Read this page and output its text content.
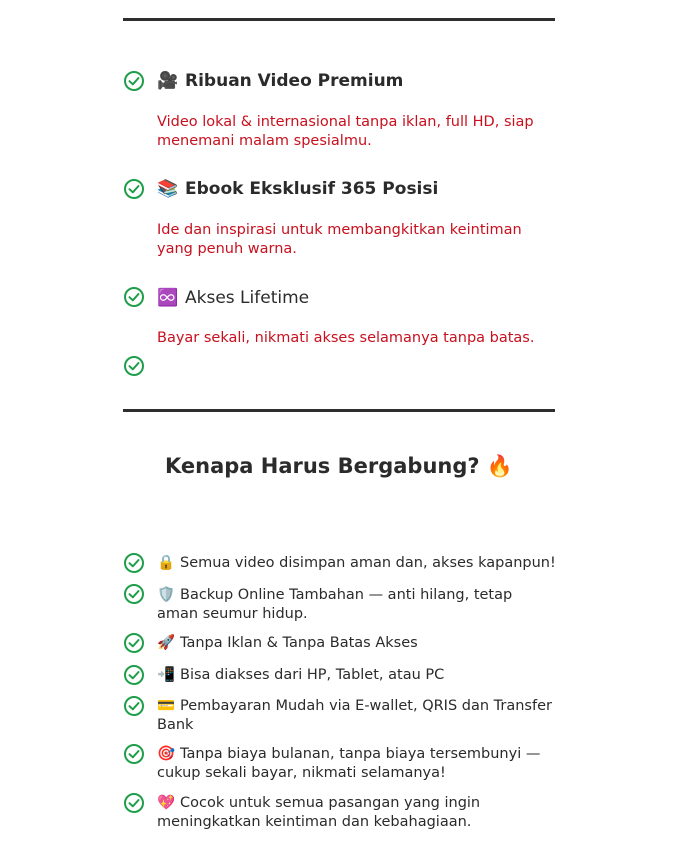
🎥 Ribuan Video Premium
Video lokal & internasional tanpa iklan, full HD, siap menemani malam spesialmu.
📚 Ebook Eksklusif 365 Posisi
Ide dan inspirasi untuk membangkitkan keintiman yang penuh warna.
♾️ Akses Lifetime
Bayar sekali, nikmati akses selamanya tanpa batas.
Kenapa Harus Bergabung? 🔥
🔒 Semua video disimpan aman dan, akses kapanpun!
🛡️ Backup Online Tambahan — anti hilang, tetap aman seumur hidup.
🚀 Tanpa Iklan & Tanpa Batas Akses
📲 Bisa diakses dari HP, Tablet, atau PC
💳 Pembayaran Mudah via E-wallet, QRIS dan Transfer Bank
🎯 Tanpa biaya bulanan, tanpa biaya tersembunyi — cukup sekali bayar, nikmati selamanya!
💖 Cocok untuk semua pasangan yang ingin meningkatkan keintiman dan kebahagiaan.
